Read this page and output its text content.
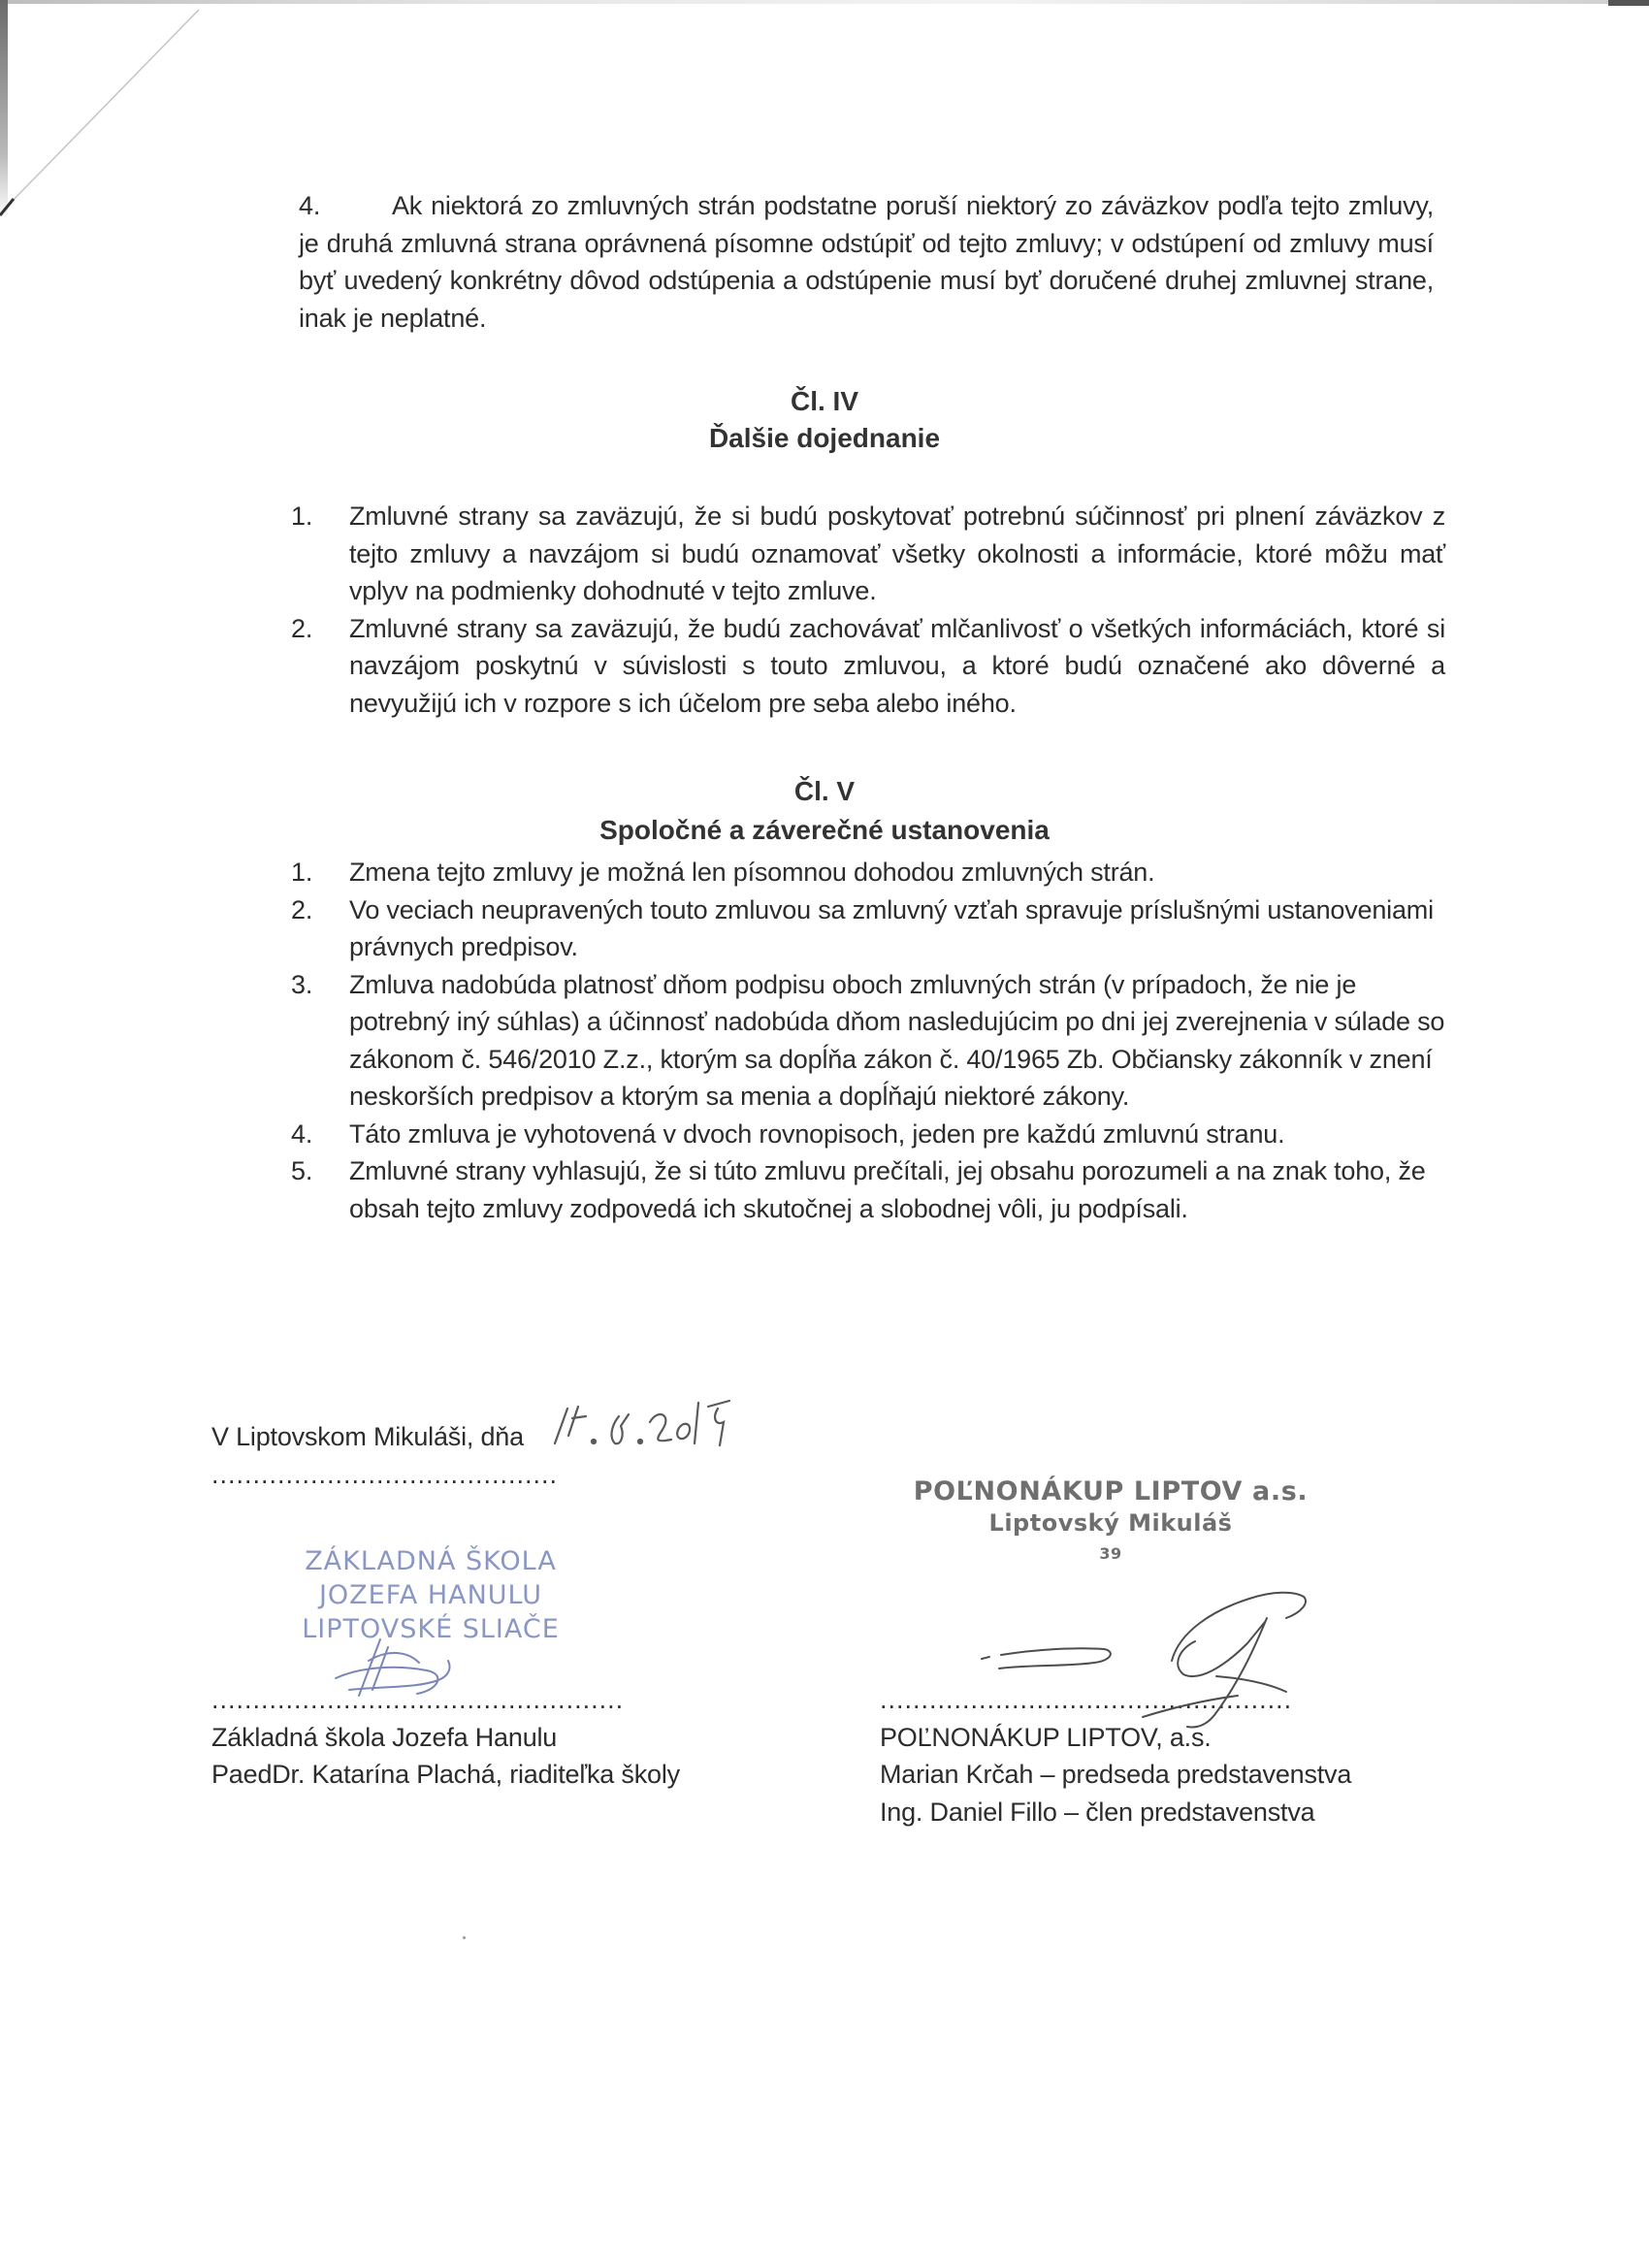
4.	Ak niektorá zo zmluvných strán podstatne poruší niektorý zo záväzkov podľa tejto zmluvy, je druhá zmluvná strana oprávnená písomne odstúpiť od tejto zmluvy; v odstúpení od zmluvy musí byť uvedený konkrétny dôvod odstúpenia a odstúpenie musí byť doručené druhej zmluvnej strane, inak je neplatné.
Čl. IV
Ďalšie dojednanie
1.	Zmluvné strany sa zaväzujú, že si budú poskytovať potrebnú súčinnosť pri plnení záväzkov z tejto zmluvy a navzájom si budú oznamovať všetky okolnosti a informácie, ktoré môžu mať vplyv na podmienky dohodnuté v tejto zmluve.
2.	Zmluvné strany sa zaväzujú, že budú zachovávať mlčanlivosť o všetkých informáciách, ktoré si navzájom poskytnú v súvislosti s touto zmluvou, a ktoré budú označené ako dôverné a nevyužijú ich v rozpore s ich účelom pre seba alebo iného.
Čl. V
Spoločné a záverečné ustanovenia
1.	Zmena tejto zmluvy je možná len písomnou dohodou zmluvných strán.
2.	Vo veciach neupravených touto zmluvou sa zmluvný vzťah spravuje príslušnými ustanoveniami právnych predpisov.
3.	Zmluva nadobúda platnosť dňom podpisu oboch zmluvných strán (v prípadoch, že nie je potrebný iný súhlas) a účinnosť nadobúda dňom nasledujúcim po dni jej zverejnenia v súlade so zákonom č. 546/2010 Z.z., ktorým sa dopĺňa zákon č. 40/1965 Zb. Občiansky zákonník v znení neskorších predpisov a ktorým sa menia a dopĺňajú niektoré zákony.
4.	Táto zmluva je vyhotovená v dvoch rovnopisoch, jeden pre každú zmluvnú stranu.
5.	Zmluvné strany vyhlasujú, že si túto zmluvu prečítali, jej obsahu porozumeli a na znak toho, že obsah tejto zmluvy zodpovedá ich skutočnej a slobodnej vôli, ju podpísali.
V Liptovskom Mikuláši, dňa ..........................................
ZÁKLADNÁ ŠKOLA
JOZEFA HANULU
LIPTOVSKÉ SLIAČE
POĽNONÁKUP LIPTOV a.s.
Liptovský Mikuláš
39
..................................................
Základná škola Jozefa Hanulu
PaedDr. Katarína Plachá, riaditeľka školy
..................................................
POĽNONÁKUP LIPTOV, a.s.
Marian Krčah – predseda predstavenstva
Ing. Daniel Fillo – člen predstavenstva
